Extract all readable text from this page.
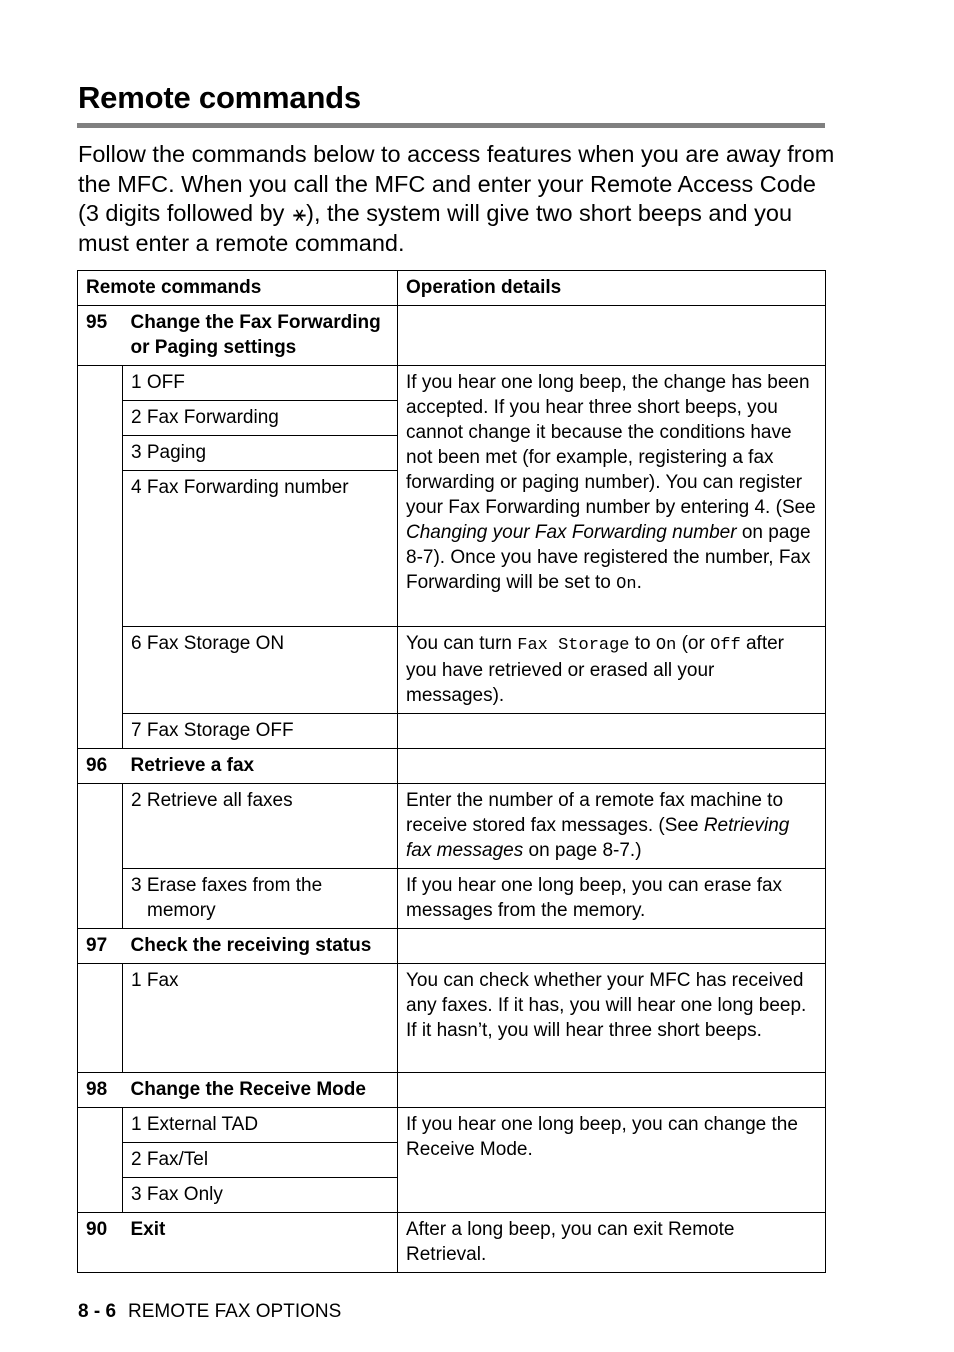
Remote commands

Follow the commands below to access features when you are away from the MFC. When you call the MFC and enter your Remote Access Code (3 digits followed by ⚹), the system will give two short beeps and you must enter a remote command.

Remote commands		Operation details
95	Change the Fax Forwarding or Paging settings	
	1 OFF	If you hear one long beep, the change has been accepted. If you hear three short beeps, you cannot change it because the conditions have not been met (for example, registering a fax forwarding or paging number). You can register your Fax Forwarding number by entering 4. (See Changing your Fax Forwarding number on page 8-7). Once you have registered the number, Fax Forwarding will be set to On.
	2 Fax Forwarding	
	3 Paging	
	4 Fax Forwarding number	
	6 Fax Storage ON	You can turn Fax Storage to On (or Off after you have retrieved or erased all your messages).
	7 Fax Storage OFF	
96	Retrieve a fax	
	2 Retrieve all faxes	Enter the number of a remote fax machine to receive stored fax messages. (See Retrieving fax messages on page 8-7.)
	3 Erase faxes from the memory	If you hear one long beep, you can erase fax messages from the memory.
97	Check the receiving status	
	1 Fax	You can check whether your MFC has received any faxes. If it has, you will hear one long beep. If it hasn’t, you will hear three short beeps.
98	Change the Receive Mode	
	1 External TAD	If you hear one long beep, you can change the Receive Mode.
	2 Fax/Tel	
	3 Fax Only	
90	Exit	After a long beep, you can exit Remote Retrieval.
8 - 6 REMOTE FAX OPTIONS
